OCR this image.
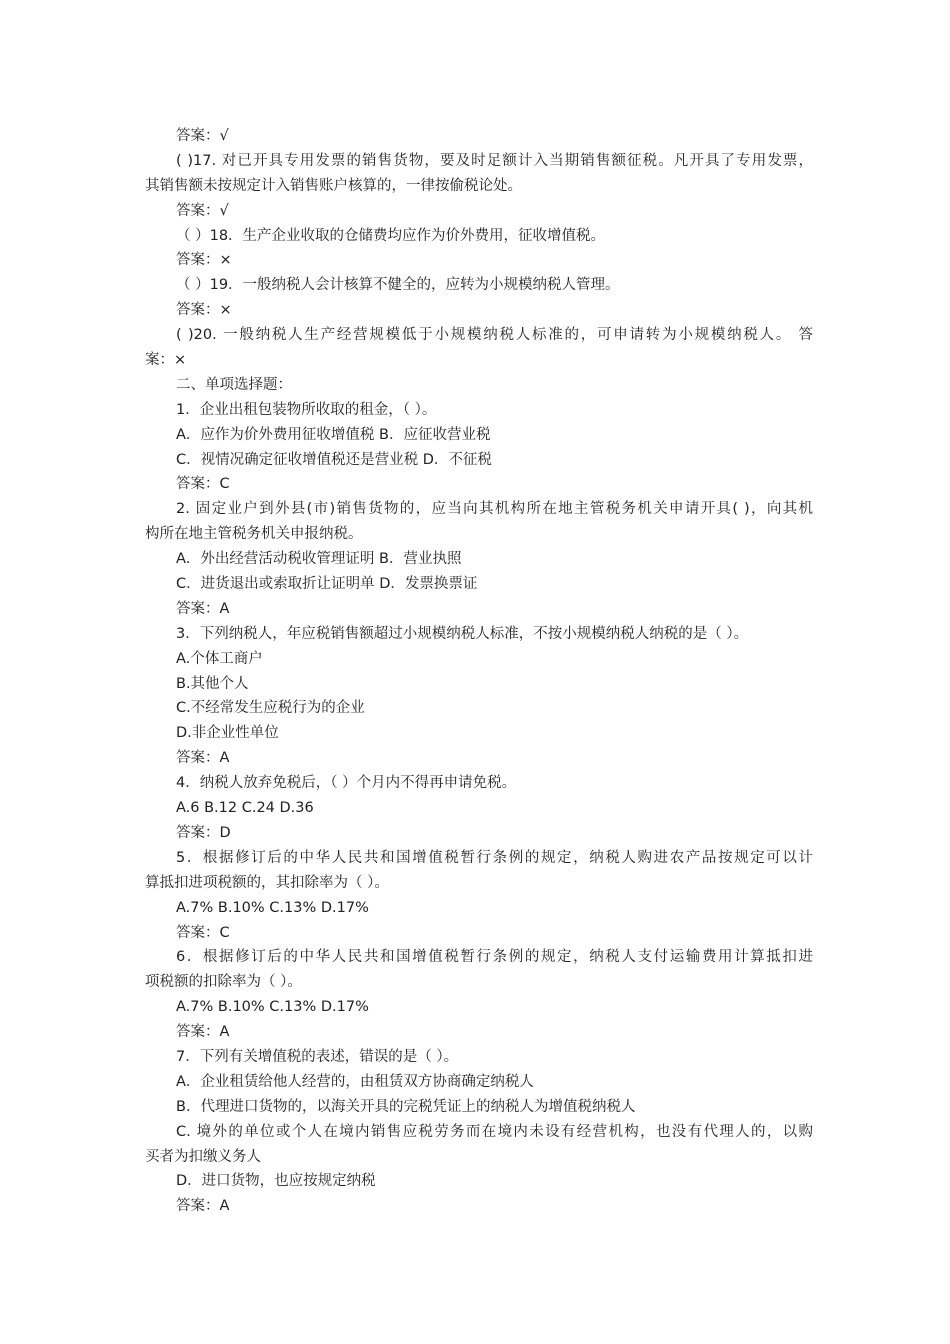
答案：√
( )17. 对已开具专用发票的销售货物，要及时足额计入当期销售额征税。凡开具了专用发票，
其销售额未按规定计入销售账户核算的，一律按偷税论处。
答案：√
（ ）18．生产企业收取的仓储费均应作为价外费用，征收增值税。
答案：×
（ ）19．一般纳税人会计核算不健全的，应转为小规模纳税人管理。
答案：×
( )20. 一般纳税人生产经营规模低于小规模纳税人标准的，可申请转为小规模纳税人。 答
案：×
二、单项选择题：
1．企业出租包装物所收取的租金，（ ）。
A．应作为价外费用征收增值税 B．应征收营业税
C．视情况确定征收增值税还是营业税 D．不征税
答案：C
2. 固定业户到外县(市)销售货物的，应当向其机构所在地主管税务机关申请开具( )，向其机
构所在地主管税务机关申报纳税。
A．外出经营活动税收管理证明 B．营业执照
C．进货退出或索取折让证明单 D．发票换票证
答案：A
3．下列纳税人，年应税销售额超过小规模纳税人标准，不按小规模纳税人纳税的是（ ）。
A.个体工商户
B.其他个人
C.不经常发生应税行为的企业
D.非企业性单位
答案：A
4．纳税人放弃免税后，（ ）个月内不得再申请免税。
A.6 B.12 C.24 D.36
答案：D
5．根据修订后的中华人民共和国增值税暂行条例的规定，纳税人购进农产品按规定可以计
算抵扣进项税额的，其扣除率为（ ）。
A.7% B.10% C.13% D.17%
答案：C
6．根据修订后的中华人民共和国增值税暂行条例的规定，纳税人支付运输费用计算抵扣进
项税额的扣除率为（ ）。
A.7% B.10% C.13% D.17%
答案：A
7．下列有关增值税的表述，错误的是（ ）。
A．企业租赁给他人经营的，由租赁双方协商确定纳税人
B．代理进口货物的，以海关开具的完税凭证上的纳税人为增值税纳税人
C. 境外的单位或个人在境内销售应税劳务而在境内未设有经营机构，也没有代理人的，以购
买者为扣缴义务人
D．进口货物，也应按规定纳税
答案：A
